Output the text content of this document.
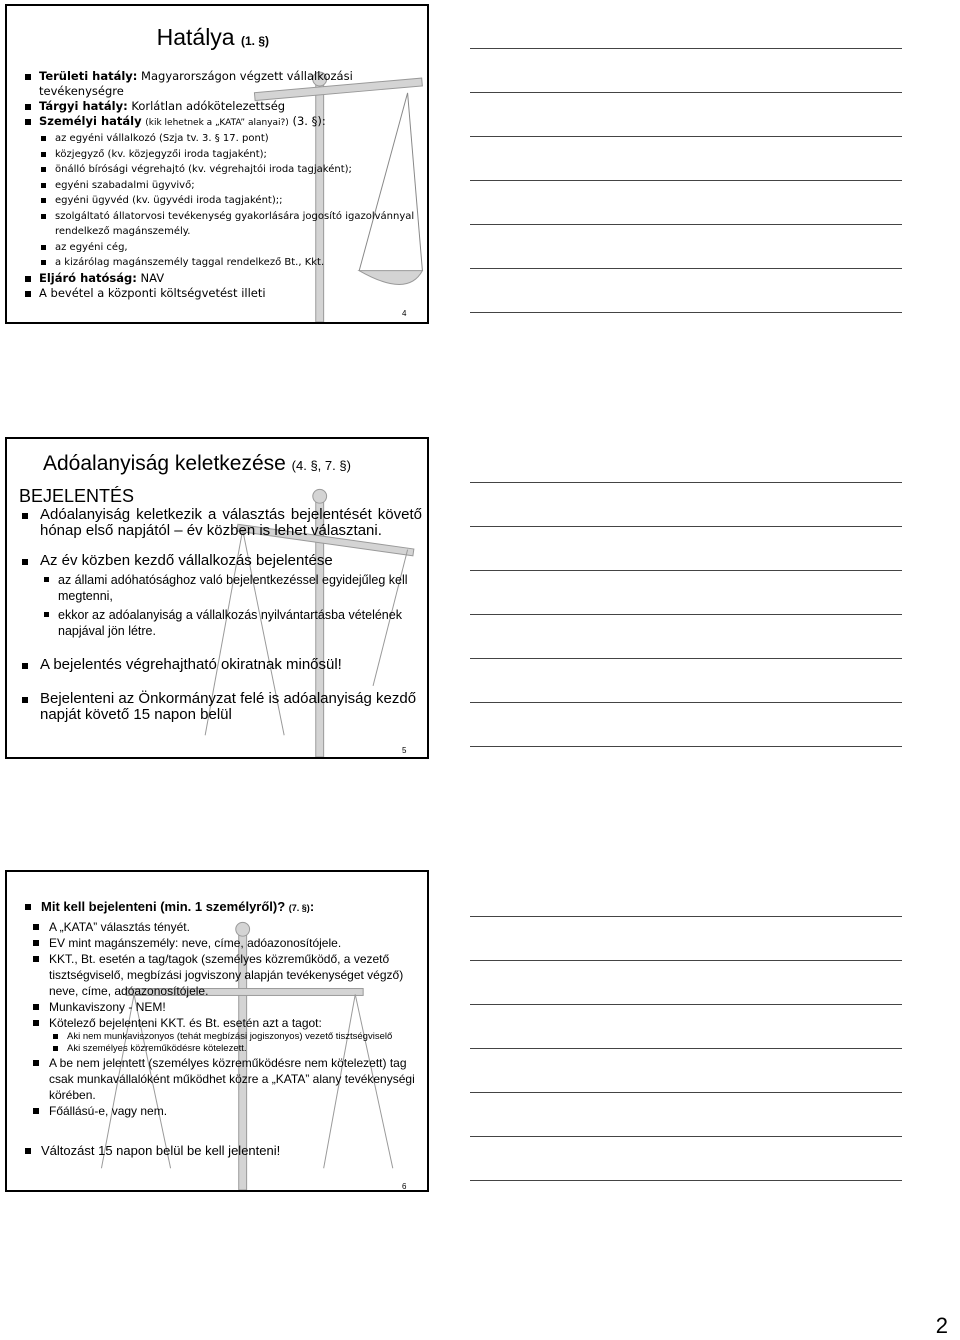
Hatálya (1. §)
Területi hatály: Magyarországon végzett vállalkozási tevékenységre
Tárgyi hatály: Korlátlan adókötelezettség
Személyi hatály (kik lehetnek a „KATA” alanyai?) (3. §):
az egyéni vállalkozó (Szja tv. 3. § 17. pont)
közjegyző (kv. közjegyzői iroda tagjaként);
önálló bírósági végrehajtó (kv. végrehajtói iroda tagjaként);
egyéni szabadalmi ügyvivő;
egyéni ügyvéd (kv. ügyvédi iroda tagjaként);;
szolgáltató állatorvosi tevékenység gyakorlására jogosító igazolvánnyal rendelkező magánszemély.
az egyéni cég,
a kizárólag magánszemély taggal rendelkező Bt., Kkt.
Eljáró hatóság: NAV
A bevétel a központi költségvetést illeti
4
Adóalanyiság keletkezése (4. §, 7. §)
BEJELENTÉS
Adóalanyiság keletkezik a választás bejelentését követő hónap első napjától – év közben is lehet választani.
Az év közben kezdő vállalkozás bejelentése
az állami adóhatósághoz való bejelentkezéssel egyidejűleg kell megtenni,
ekkor az adóalanyiság a vállalkozás nyilvántartásba vételének napjával jön létre.
A bejelentés végrehajtható okiratnak minősül!
Bejelenteni az Önkormányzat felé is adóalanyiság kezdő napját követő 15 napon belül
5
Mit kell bejelenteni (min. 1 személyről)? (7. §):
A „KATA” választás tényét.
EV mint magánszemély: neve, címe, adóazonosítójele.
KKT., Bt. esetén a tag/tagok (személyes közreműködő, a vezető tisztségviselő, megbízási jogviszony alapján tevékenységet végző) neve, címe, adóazonosítójele.
Munkaviszony - NEM!
Kötelező bejelenteni KKT. és Bt. esetén azt a tagot:
Aki nem munkaviszonyos (tehát megbízási jogiszonyos) vezető tisztségviselő
Aki személyes közreműködésre kötelezett.
A be nem jelentett (személyes közreműködésre nem kötelezett) tag csak munkavállalóként működhet közre a „KATA” alany tevékenységi körében.
Főállású-e, vagy nem.
Változást 15 napon belül be kell jelenteni!
6
2
